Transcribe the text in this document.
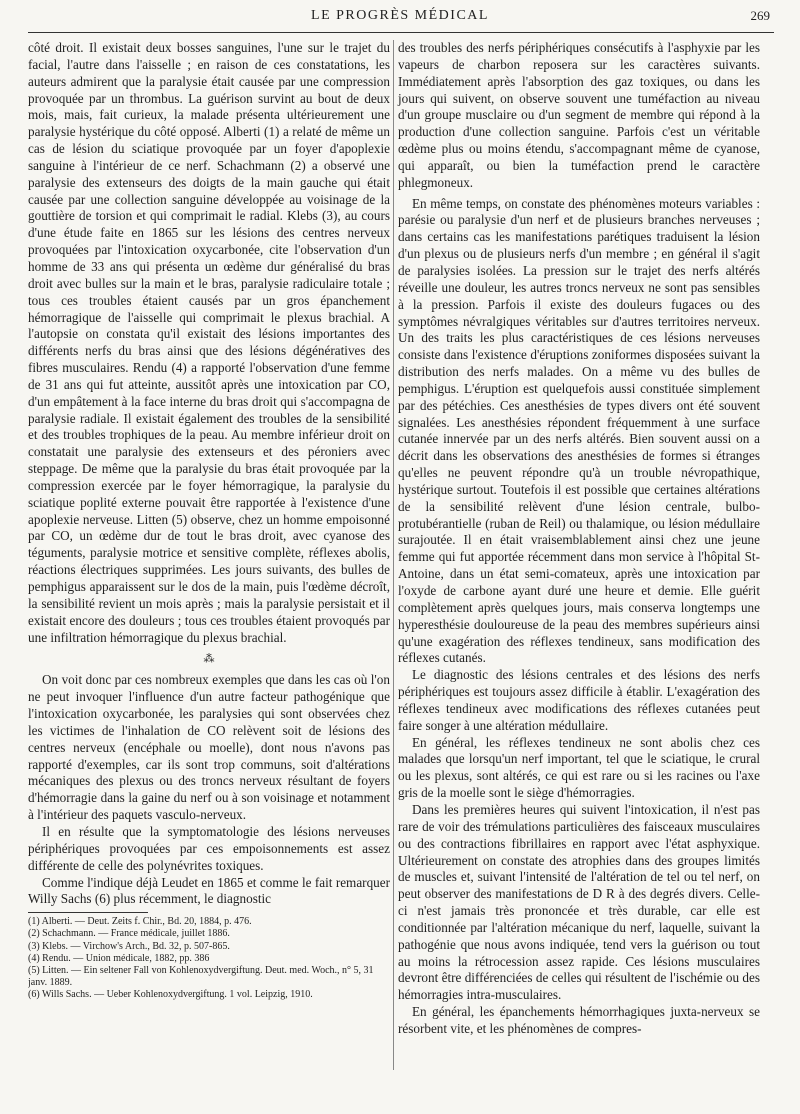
LE PROGRÈS MÉDICAL	269

côté droit. Il existait deux bosses sanguines, l'une sur le trajet du facial, l'autre dans l'aisselle ; en raison de ces constatations, les auteurs admirent que la paralysie était causée par une compression provoquée par un thrombus. La guérison survint au bout de deux mois, mais, fait curieux, la malade présenta ultérieurement une paralysie hystérique du côté opposé. Alberti (1) a relaté de même un cas de lésion du sciatique provoquée par un foyer d'apoplexie sanguine à l'intérieur de ce nerf. Schachmann (2) a observé une paralysie des extenseurs des doigts de la main gauche qui était causée par une collection sanguine développée au voisinage de la gouttière de torsion et qui comprimait le radial. Klebs (3), au cours d'une étude faite en 1865 sur les lésions des centres nerveux provoquées par l'intoxication oxycarbonée, cite l'observation d'un homme de 33 ans qui présenta un œdème dur généralisé du bras droit avec bulles sur la main et le bras, paralysie radiculaire totale ; tous ces troubles étaient causés par un gros épanchement hémorragique de l'aisselle qui comprimait le plexus brachial. A l'autopsie on constata qu'il existait des lésions importantes des différents nerfs du bras ainsi que des lésions dégénératives des fibres musculaires. Rendu (4) a rapporté l'observation d'une femme de 31 ans qui fut atteinte, aussitôt après une intoxication par CO, d'un empâtement à la face interne du bras droit qui s'accompagna de paralysie radiale. Il existait également des troubles de la sensibilité et des troubles trophiques de la peau. Au membre inférieur droit on constatait une paralysie des extenseurs et des péroniers avec steppage. De même que la paralysie du bras était provoquée par la compression exercée par le foyer hémorragique, la paralysie du sciatique poplité externe pouvait être rapportée à l'existence d'une apoplexie nerveuse. Litten (5) observe, chez un homme empoisonné par CO, un œdème dur de tout le bras droit, avec cyanose des téguments, paralysie motrice et sensitive complète, réflexes abolis, réactions électriques supprimées. Les jours suivants, des bulles de pemphigus apparaissent sur le dos de la main, puis l'œdème décroît, la sensibilité revient un mois après ; mais la paralysie persistait et il existait encore des douleurs ; tous ces troubles étaient provoqués par une infiltration hémorragique du plexus brachial.

⁂

On voit donc par ces nombreux exemples que dans les cas où l'on ne peut invoquer l'influence d'un autre facteur pathogénique que l'intoxication oxycarbonée, les paralysies qui sont observées chez les victimes de l'inhalation de CO relèvent soit de lésions des centres nerveux (encéphale ou moelle), dont nous n'avons pas rapporté d'exemples, car ils sont trop communs, soit d'altérations mécaniques des plexus ou des troncs nerveux résultant de foyers d'hémorragie dans la gaine du nerf ou à son voisinage et notamment à l'intérieur des paquets vasculo-nerveux.

Il en résulte que la symptomatologie des lésions nerveuses périphériques provoquées par ces empoisonnements est assez différente de celle des polynévrites toxiques.

Comme l'indique déjà Leudet en 1865 et comme le fait remarquer Willy Sachs (6) plus récemment, le diagnostic

(1) Alberti. — Deut. Zeits f. Chir., Bd. 20, 1884, p. 476.
(2) Schachmann. — France médicale, juillet 1886.
(3) Klebs. — Virchow's Arch., Bd. 32, p. 507-865.
(4) Rendu. — Union médicale, 1882, pp. 386
(5) Litten. — Ein seltener Fall von Kohlenoxydvergiftung. Deut. med. Woch., n° 5, 31 janv. 1889.
(6) Wills Sachs. — Ueber Kohlenoxydvergiftung. 1 vol. Leipzig, 1910.

des troubles des nerfs périphériques consécutifs à l'asphyxie par les vapeurs de charbon reposera sur les caractères suivants. Immédiatement après l'absorption des gaz toxiques, ou dans les jours qui suivent, on observe souvent une tuméfaction au niveau d'un groupe musclaire ou d'un segment de membre qui répond à la production d'une collection sanguine. Parfois c'est un véritable œdème plus ou moins étendu, s'accompagnant même de cyanose, qui apparaît, ou bien la tuméfaction prend le caractère phlegmoneux.

En même temps, on constate des phénomènes moteurs variables : parésie ou paralysie d'un nerf et de plusieurs branches nerveuses ; dans certains cas les manifestations parétiques traduisent la lésion d'un plexus ou de plusieurs nerfs d'un membre ; en général il s'agit de paralysies isolées. La pression sur le trajet des nerfs altérés réveille une douleur, les autres troncs nerveux ne sont pas sensibles à la pression. Parfois il existe des douleurs fugaces ou des symptômes névralgiques véritables sur d'autres territoires nerveux. Un des traits les plus caractéristiques de ces lésions nerveuses consiste dans l'existence d'éruptions zoniformes disposées suivant la distribution des nerfs malades. On a même vu des bulles de pemphigus. L'éruption est quelquefois aussi constituée simplement par des pétéchies. Ces anesthésies de types divers ont été souvent signalées. Les anesthésies répondent fréquemment à une surface cutanée innervée par un des nerfs altérés. Bien souvent aussi on a décrit dans les observations des anesthésies de formes si étranges qu'elles ne peuvent répondre qu'à un trouble névropathique, hystérique surtout. Toutefois il est possible que certaines altérations de la sensibilité relèvent d'une lésion centrale, bulbo-protubérantielle (ruban de Reil) ou thalamique, ou lésion médullaire surajoutée. Il en était vraisemblablement ainsi chez une jeune femme qui fut apportée récemment dans mon service à l'hôpital St-Antoine, dans un état semi-comateux, après une intoxication par l'oxyde de carbone ayant duré une heure et demie. Elle guérit complètement après quelques jours, mais conserva longtemps une hyperesthésie douloureuse de la peau des membres supérieurs ainsi qu'une exagération des réflexes tendineux, sans modification des réflexes cutanés.

Le diagnostic des lésions centrales et des lésions des nerfs périphériques est toujours assez difficile à établir. L'exagération des réflexes tendineux avec modifications des réflexes cutanées peut faire songer à une altération médullaire.

En général, les réflexes tendineux ne sont abolis chez ces malades que lorsqu'un nerf important, tel que le sciatique, le crural ou les plexus, sont altérés, ce qui est rare ou si les racines ou l'axe gris de la moelle sont le siège d'hémorragies.

Dans les premières heures qui suivent l'intoxication, il n'est pas rare de voir des trémulations particulières des faisceaux musculaires ou des contractions fibrillaires en rapport avec l'état asphyxique. Ultérieurement on constate des atrophies dans des groupes limités de muscles et, suivant l'intensité de l'altération de tel ou tel nerf, on peut observer des manifestations de D R à des degrés divers. Celle-ci n'est jamais très prononcée et très durable, car elle est conditionnée par l'altération mécanique du nerf, laquelle, suivant la pathogénie que nous avons indiquée, tend vers la guérison ou tout au moins la rétrocession assez rapide. Ces lésions musculaires devront être différenciées de celles qui résultent de l'ischémie ou des hémorragies intra-musculaires.

En général, les épanchements hémorrhagiques juxta-nerveux se résorbent vite, et les phénomènes de compres-
